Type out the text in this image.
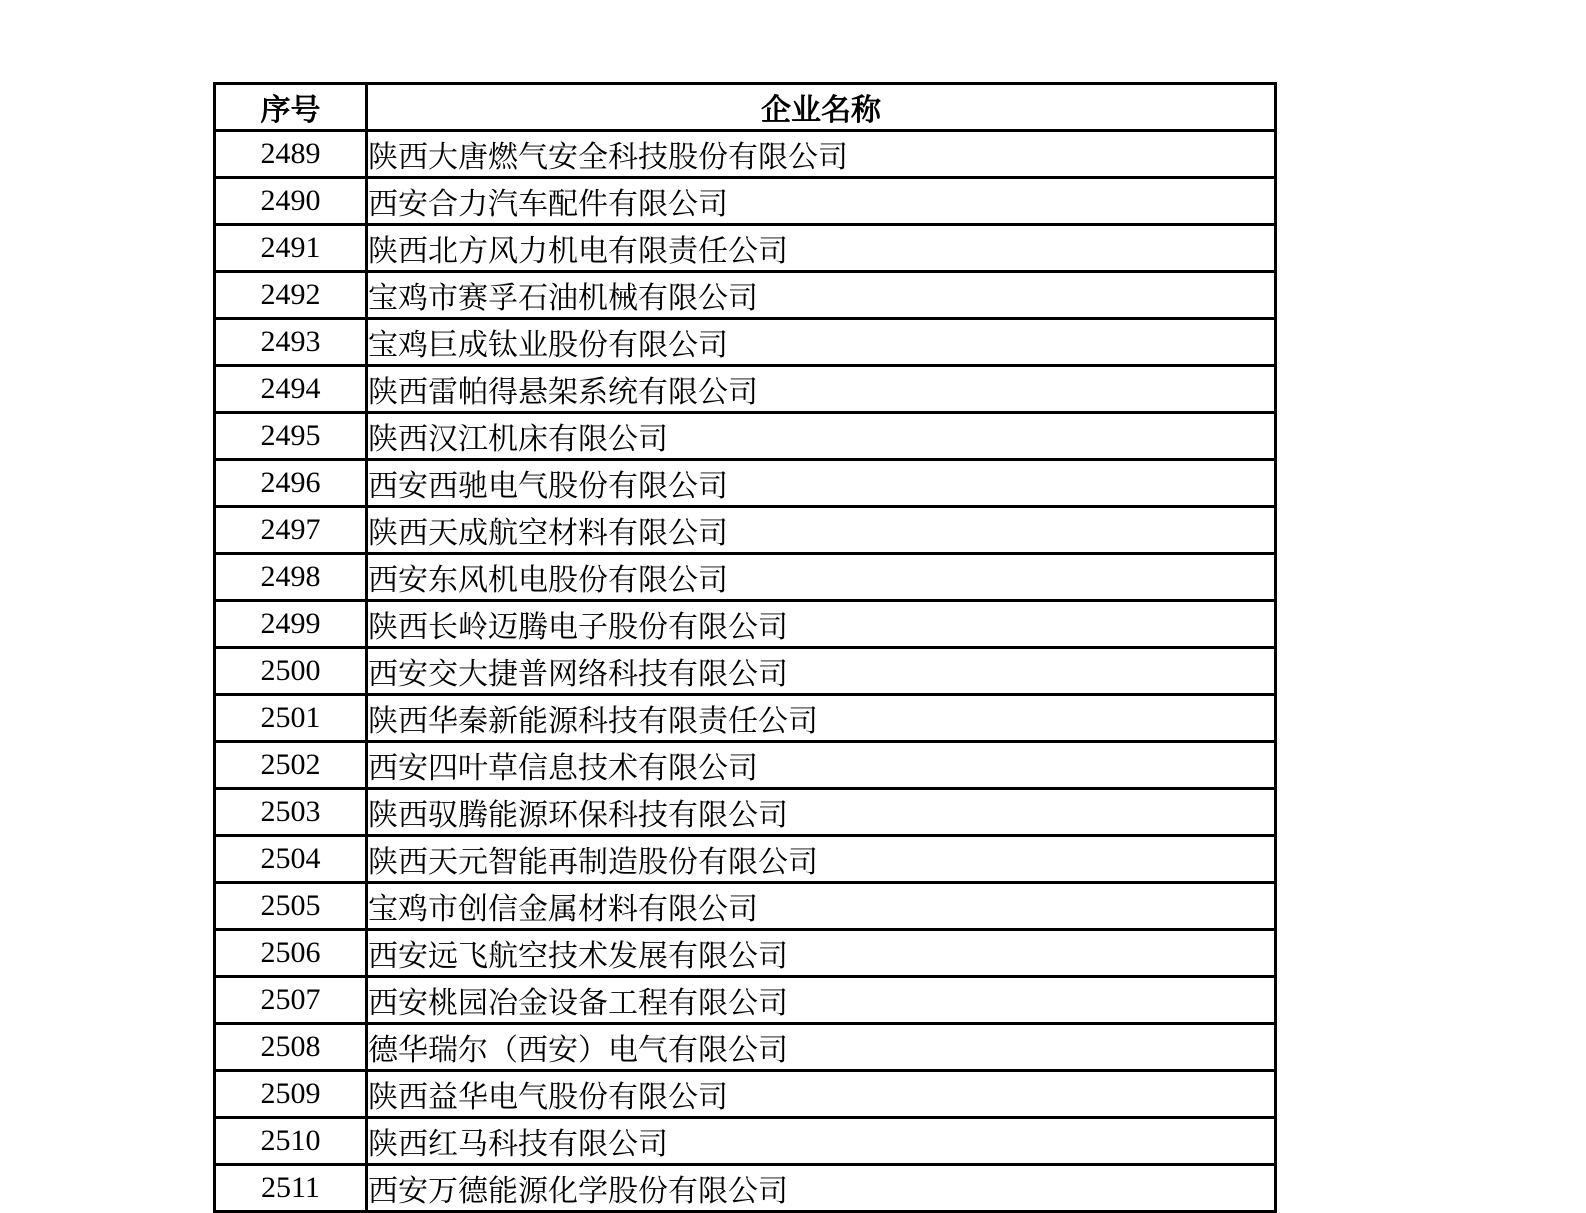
序号	企业名称
2489	陕西大唐燃气安全科技股份有限公司
2490	西安合力汽车配件有限公司
2491	陕西北方风力机电有限责任公司
2492	宝鸡市赛孚石油机械有限公司
2493	宝鸡巨成钛业股份有限公司
2494	陕西雷帕得悬架系统有限公司
2495	陕西汉江机床有限公司
2496	西安西驰电气股份有限公司
2497	陕西天成航空材料有限公司
2498	西安东风机电股份有限公司
2499	陕西长岭迈腾电子股份有限公司
2500	西安交大捷普网络科技有限公司
2501	陕西华秦新能源科技有限责任公司
2502	西安四叶草信息技术有限公司
2503	陕西驭腾能源环保科技有限公司
2504	陕西天元智能再制造股份有限公司
2505	宝鸡市创信金属材料有限公司
2506	西安远飞航空技术发展有限公司
2507	西安桃园冶金设备工程有限公司
2508	德华瑞尔（西安）电气有限公司
2509	陕西益华电气股份有限公司
2510	陕西红马科技有限公司
2511	西安万德能源化学股份有限公司
